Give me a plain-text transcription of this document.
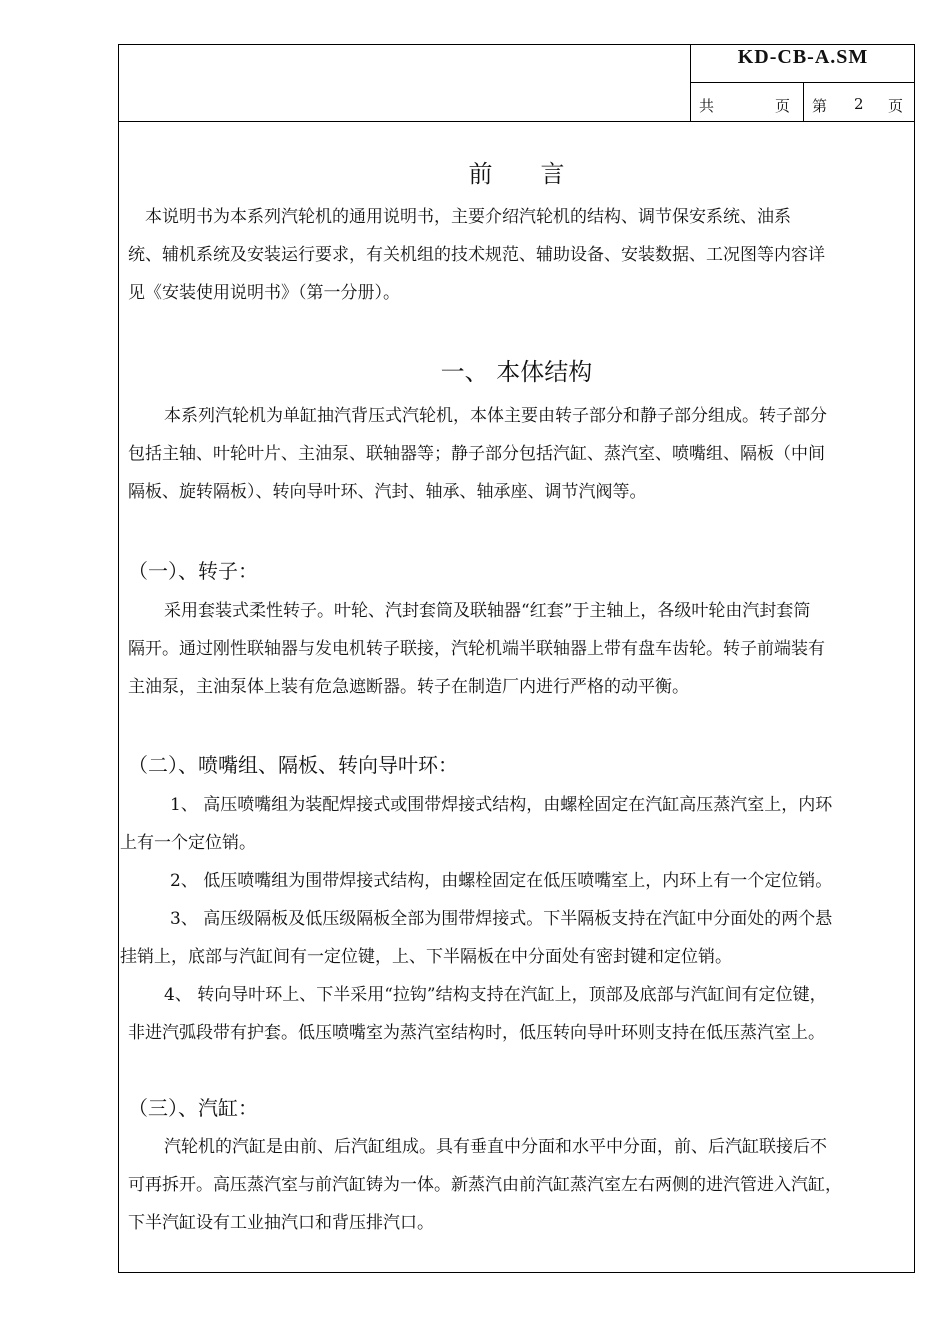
KD-CB-A.SM
共	页 第 2 页
前　　言
　本说明书为本系列汽轮机的通用说明书，主要介绍汽轮机的结构、调节保安系统、油系
统、辅机系统及安装运行要求，有关机组的技术规范、辅助设备、安装数据、工况图等内容详
见《安装使用说明书》（第一分册）。
一、 本体结构
本系列汽轮机为单缸抽汽背压式汽轮机，本体主要由转子部分和静子部分组成。转子部分
包括主轴、叶轮叶片、主油泵、联轴器等；静子部分包括汽缸、蒸汽室、喷嘴组、隔板（中间
隔板、旋转隔板）、转向导叶环、汽封、轴承、轴承座、调节汽阀等。
（一）、转子：
采用套装式柔性转子。叶轮、汽封套筒及联轴器“红套”于主轴上，各级叶轮由汽封套筒
隔开。通过刚性联轴器与发电机转子联接，汽轮机端半联轴器上带有盘车齿轮。转子前端装有
主油泵，主油泵体上装有危急遮断器。转子在制造厂内进行严格的动平衡。
（二）、喷嘴组、隔板、转向导叶环：
1、 高压喷嘴组为装配焊接式或围带焊接式结构，由螺栓固定在汽缸高压蒸汽室上，内环
上有一个定位销。
2、 低压喷嘴组为围带焊接式结构，由螺栓固定在低压喷嘴室上，内环上有一个定位销。
3、 高压级隔板及低压级隔板全部为围带焊接式。下半隔板支持在汽缸中分面处的两个悬
挂销上，底部与汽缸间有一定位键，上、下半隔板在中分面处有密封键和定位销。
4、 转向导叶环上、下半采用“拉钩”结构支持在汽缸上，顶部及底部与汽缸间有定位键，
非进汽弧段带有护套。低压喷嘴室为蒸汽室结构时，低压转向导叶环则支持在低压蒸汽室上。
（三）、汽缸：
汽轮机的汽缸是由前、后汽缸组成。具有垂直中分面和水平中分面，前、后汽缸联接后不
可再拆开。高压蒸汽室与前汽缸铸为一体。新蒸汽由前汽缸蒸汽室左右两侧的进汽管进入汽缸，
下半汽缸设有工业抽汽口和背压排汽口。
